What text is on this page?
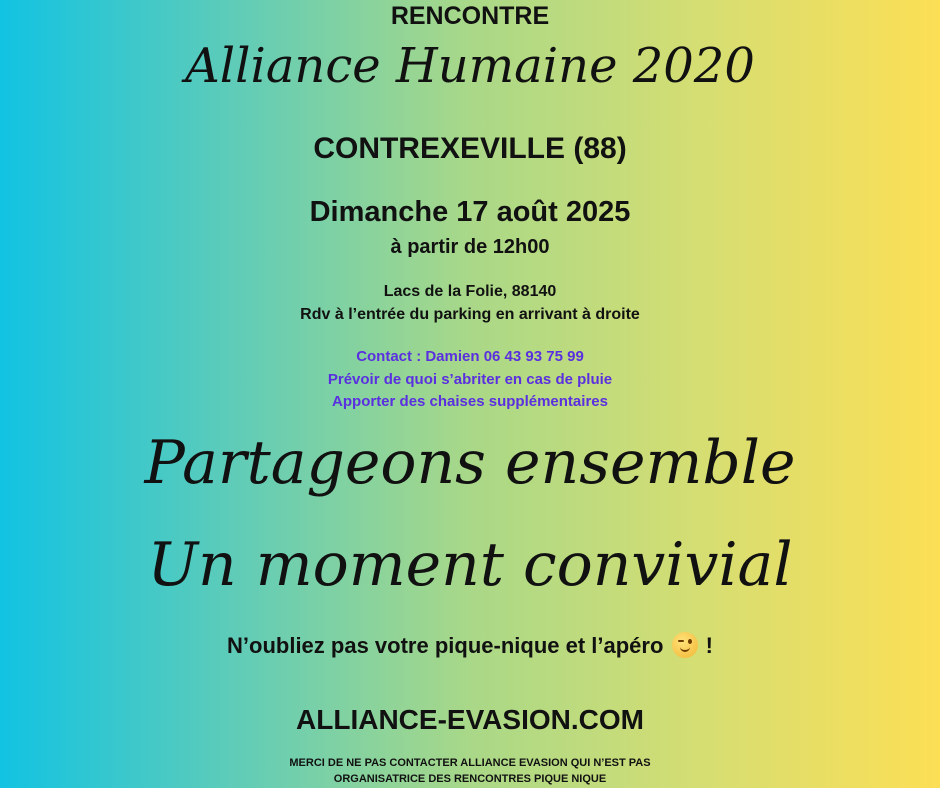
RENCONTRE
Alliance Humaine 2020
CONTREXEVILLE (88)
Dimanche 17 août 2025
à partir de 12h00
Lacs de la Folie, 88140
Rdv à l’entrée du parking en arrivant à droite
Contact : Damien 06 43 93 75 99
Prévoir de quoi s’abriter en cas de pluie
Apporter des chaises supplémentaires
Partageons ensemble
Un moment convivial
N’oubliez pas votre pique-nique et l’apéro !
ALLIANCE-EVASION.COM
MERCI DE NE PAS CONTACTER ALLIANCE EVASION QUI N’EST PAS
ORGANISATRICE DES RENCONTRES PIQUE NIQUE
